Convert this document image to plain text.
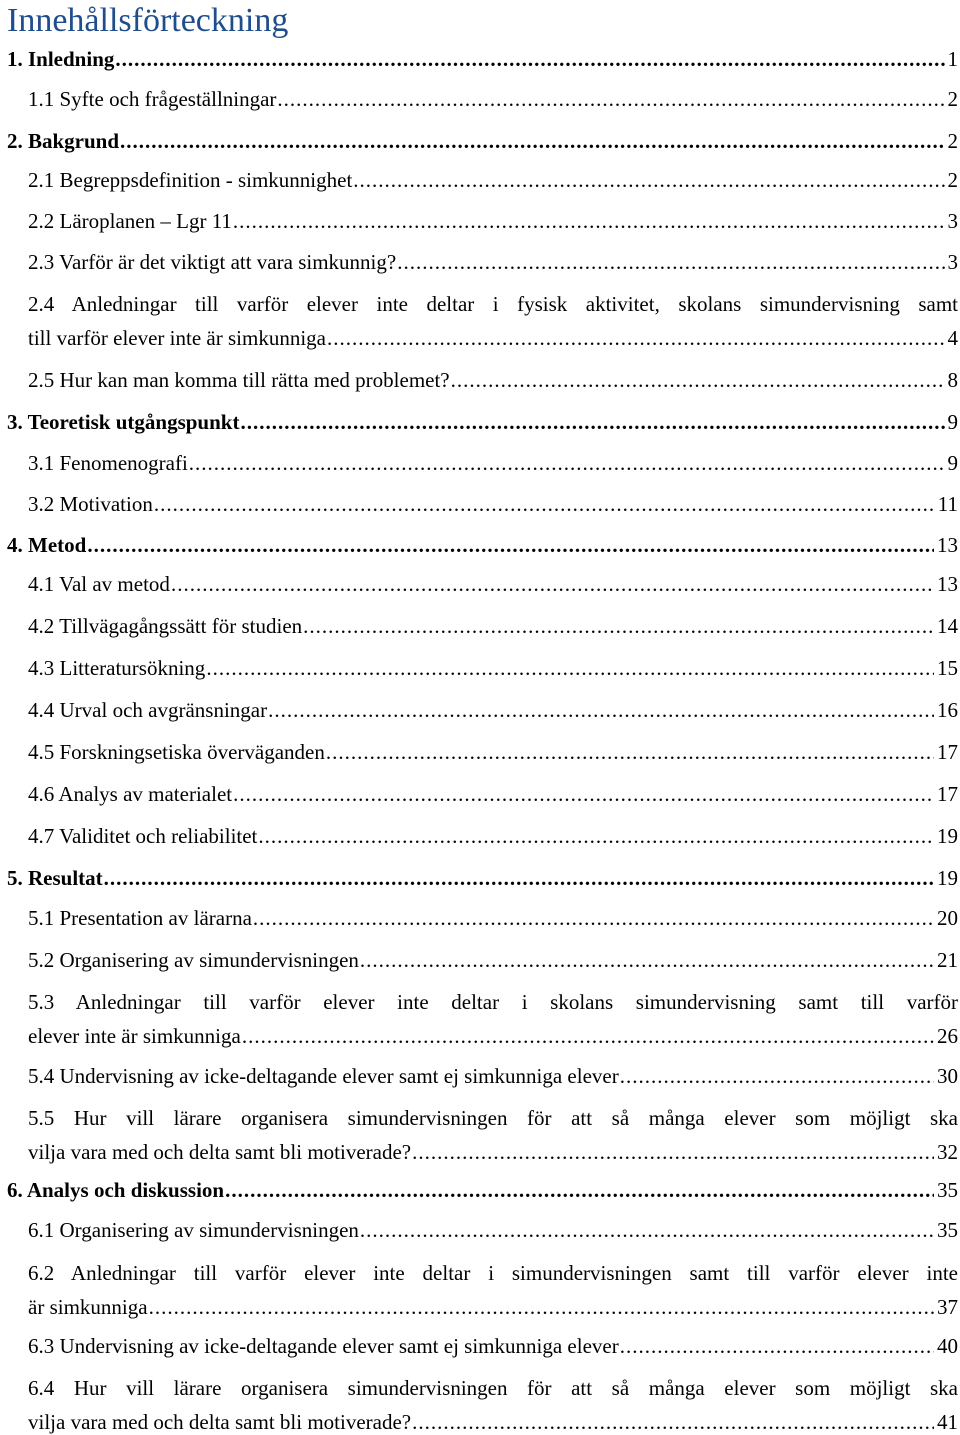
Innehållsförteckning
1. Inledning .....	1
1.1 Syfte och frågeställningar .....	2
2. Bakgrund .....	2
2.1 Begreppsdefinition - simkunnighet .....	2
2.2 Läroplanen – Lgr 11 .....	3
2.3 Varför är det viktigt att vara simkunnig? .....	3
2.4 Anledningar till varför elever inte deltar i fysisk aktivitet, skolans simundervisning samt
till varför elever inte är simkunniga .....	4
2.5 Hur kan man komma till rätta med problemet? .....	8
3. Teoretisk utgångspunkt .....	9
3.1 Fenomenografi .....	9
3.2 Motivation .....	11
4. Metod .....	13
4.1 Val av metod .....	13
4.2 Tillvägagångssätt för studien .....	14
4.3 Litteratursökning .....	15
4.4 Urval och avgränsningar .....	16
4.5 Forskningsetiska överväganden .....	17
4.6 Analys av materialet .....	17
4.7 Validitet och reliabilitet .....	19
5. Resultat .....	19
5.1 Presentation av lärarna .....	20
5.2 Organisering av simundervisningen .....	21
5.3 Anledningar till varför elever inte deltar i skolans simundervisning samt till varför
elever inte är simkunniga .....	26
5.4 Undervisning av icke-deltagande elever samt ej simkunniga elever .....	30
5.5 Hur vill lärare organisera simundervisningen för att så många elever som möjligt ska
vilja vara med och delta samt bli motiverade? .....	32
6. Analys och diskussion .....	35
6.1 Organisering av simundervisningen .....	35
6.2 Anledningar till varför elever inte deltar i simundervisningen samt till varför elever inte
är simkunniga .....	37
6.3 Undervisning av icke-deltagande elever samt ej simkunniga elever .....	40
6.4 Hur vill lärare organisera simundervisningen för att så många elever som möjligt ska
vilja vara med och delta samt bli motiverade? .....	41
